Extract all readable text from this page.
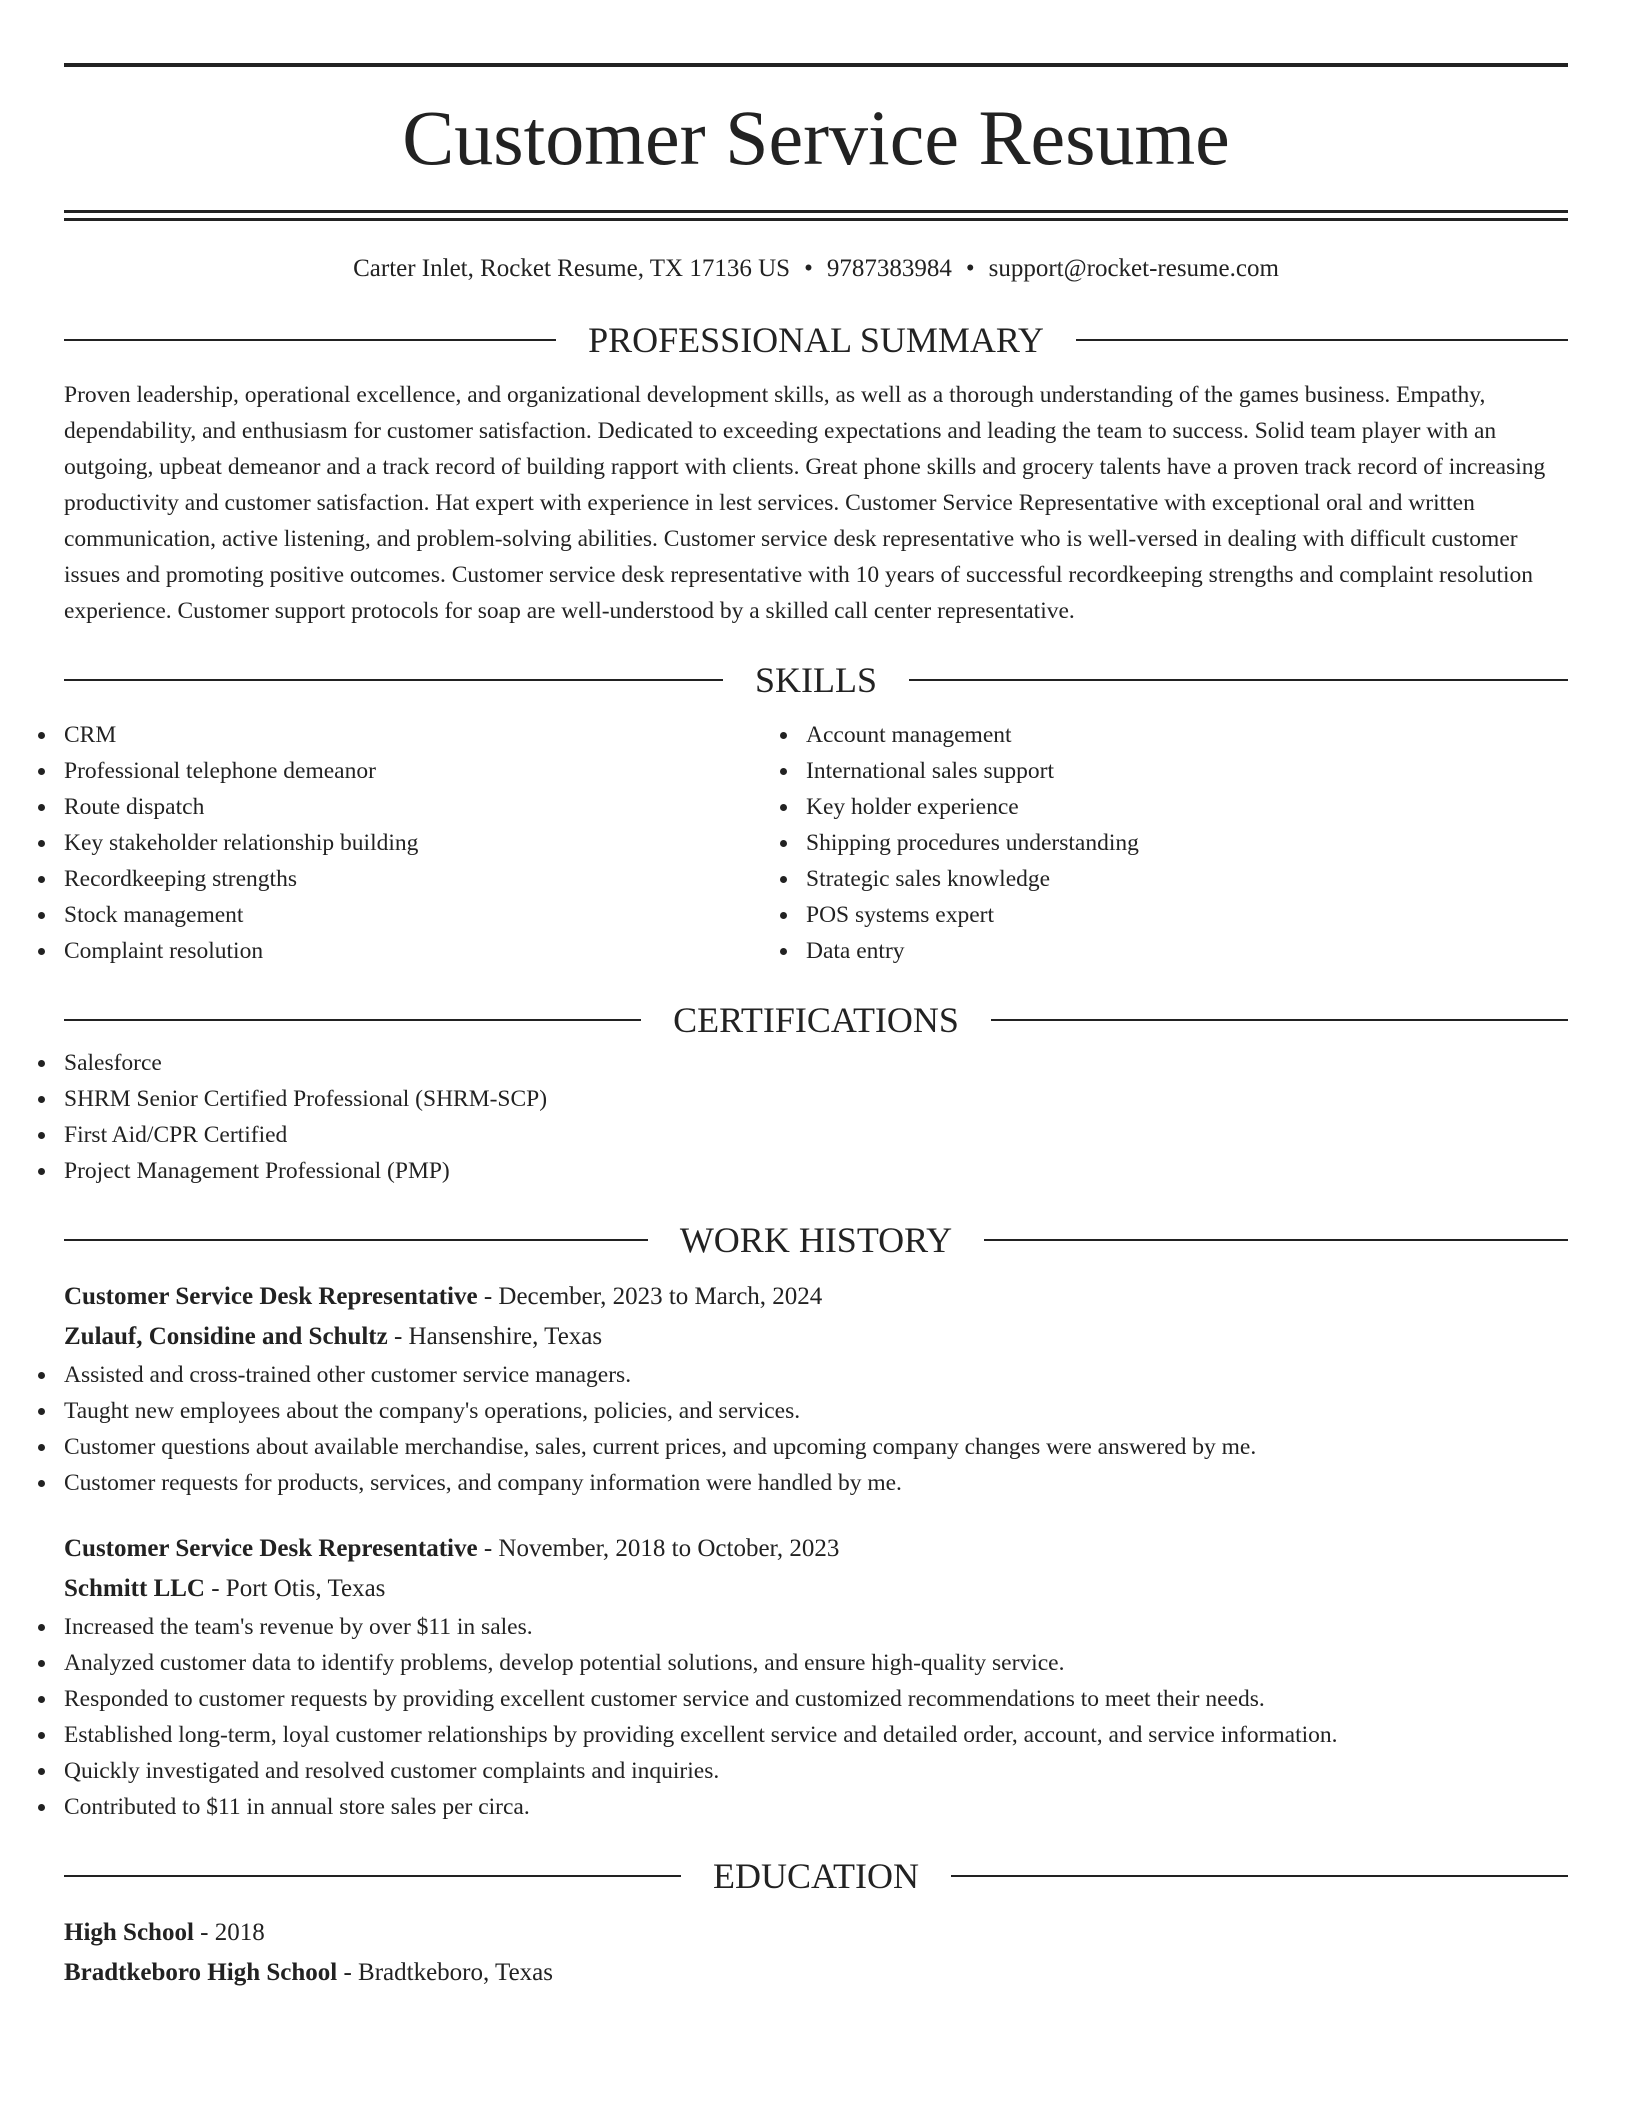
Customer Service Resume
Carter Inlet, Rocket Resume, TX 17136 US • 9787383984 • support@rocket-resume.com
PROFESSIONAL SUMMARY

Proven leadership, operational excellence, and organizational development skills, as well as a thorough understanding of the games business. Empathy, dependability, and enthusiasm for customer satisfaction. Dedicated to exceeding expectations and leading the team to success. Solid team player with an outgoing, upbeat demeanor and a track record of building rapport with clients. Great phone skills and grocery talents have a proven track record of increasing productivity and customer satisfaction. Hat expert with experience in lest services. Customer Service Representative with exceptional oral and written communication, active listening, and problem-solving abilities. Customer service desk representative who is well-versed in dealing with difficult customer issues and promoting positive outcomes. Customer service desk representative with 10 years of successful recordkeeping strengths and complaint resolution experience. Customer support protocols for soap are well-understood by a skilled call center representative.

SKILLS
CRM
Professional telephone demeanor
Route dispatch
Key stakeholder relationship building
Recordkeeping strengths
Stock management
Complaint resolution
Account management
International sales support
Key holder experience
Shipping procedures understanding
Strategic sales knowledge
POS systems expert
Data entry
CERTIFICATIONS
Salesforce
SHRM Senior Certified Professional (SHRM-SCP)
First Aid/CPR Certified
Project Management Professional (PMP)
WORK HISTORY
Customer Service Desk Representative - December, 2023 to March, 2024
Zulauf, Considine and Schultz - Hansenshire, Texas
Assisted and cross-trained other customer service managers.
Taught new employees about the company's operations, policies, and services.
Customer questions about available merchandise, sales, current prices, and upcoming company changes were answered by me.
Customer requests for products, services, and company information were handled by me.
Customer Service Desk Representative - November, 2018 to October, 2023
Schmitt LLC - Port Otis, Texas
Increased the team's revenue by over $11 in sales.
Analyzed customer data to identify problems, develop potential solutions, and ensure high-quality service.
Responded to customer requests by providing excellent customer service and customized recommendations to meet their needs.
Established long-term, loyal customer relationships by providing excellent service and detailed order, account, and service information.
Quickly investigated and resolved customer complaints and inquiries.
Contributed to $11 in annual store sales per circa.
EDUCATION
High School - 2018
Bradtkeboro High School - Bradtkeboro, Texas
